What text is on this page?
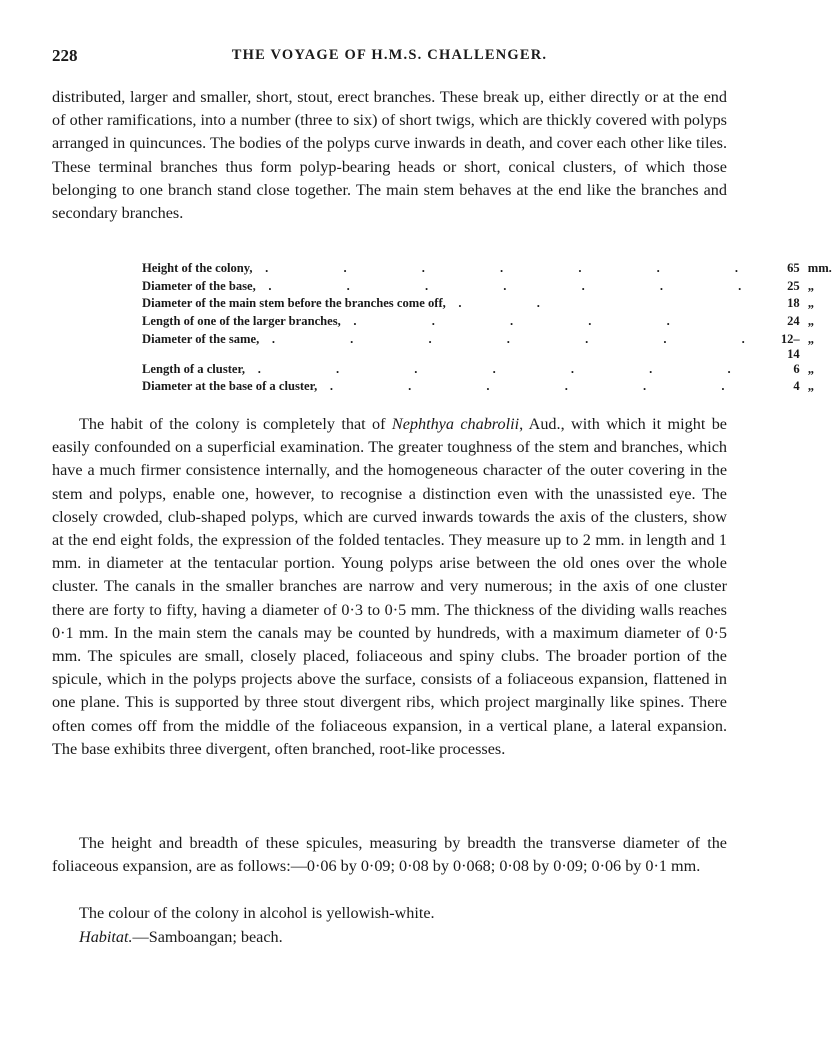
228	THE VOYAGE OF H.M.S. CHALLENGER.

distributed, larger and smaller, short, stout, erect branches. These break up, either directly or at the end of other ramifications, into a number (three to six) of short twigs, which are thickly covered with polyps arranged in quincunces. The bodies of the polyps curve inwards in death, and cover each other like tiles. These terminal branches thus form polyp-bearing heads or short, conical clusters, of which those belonging to one branch stand close together. The main stem behaves at the end like the branches and secondary branches.

Height of the colony,  . . . . . . .	65	mm.
Diameter of the base,  . . . . . . .	25	„
Diameter of the main stem before the branches come off,  . .	18	„
Length of one of the larger branches,  . . . . .	24	„
Diameter of the same,  . . . . . . .	12–14	„
Length of a cluster,  . . . . . . .	6	„
Diameter at the base of a cluster,  . . . . . .	4	„

The habit of the colony is completely that of Nephthya chabrolii, Aud., with which it might be easily confounded on a superficial examination. The greater toughness of the stem and branches, which have a much firmer consistence internally, and the homogeneous character of the outer covering in the stem and polyps, enable one, however, to recognise a distinction even with the unassisted eye. The closely crowded, club-shaped polyps, which are curved inwards towards the axis of the clusters, show at the end eight folds, the expression of the folded tentacles. They measure up to 2 mm. in length and 1 mm. in diameter at the tentacular portion. Young polyps arise between the old ones over the whole cluster. The canals in the smaller branches are narrow and very numerous; in the axis of one cluster there are forty to fifty, having a diameter of 0·3 to 0·5 mm. The thickness of the dividing walls reaches 0·1 mm. In the main stem the canals may be counted by hundreds, with a maximum diameter of 0·5 mm. The spicules are small, closely placed, foliaceous and spiny clubs. The broader portion of the spicule, which in the polyps projects above the surface, consists of a foliaceous expansion, flattened in one plane. This is supported by three stout divergent ribs, which project marginally like spines. There often comes off from the middle of the foliaceous expansion, in a vertical plane, a lateral expansion. The base exhibits three divergent, often branched, root-like processes.

The height and breadth of these spicules, measuring by breadth the transverse diameter of the foliaceous expansion, are as follows:—0·06 by 0·09; 0·08 by 0·068; 0·08 by 0·09; 0·06 by 0·1 mm.

The colour of the colony in alcohol is yellowish-white.

Habitat.—Samboangan; beach.
